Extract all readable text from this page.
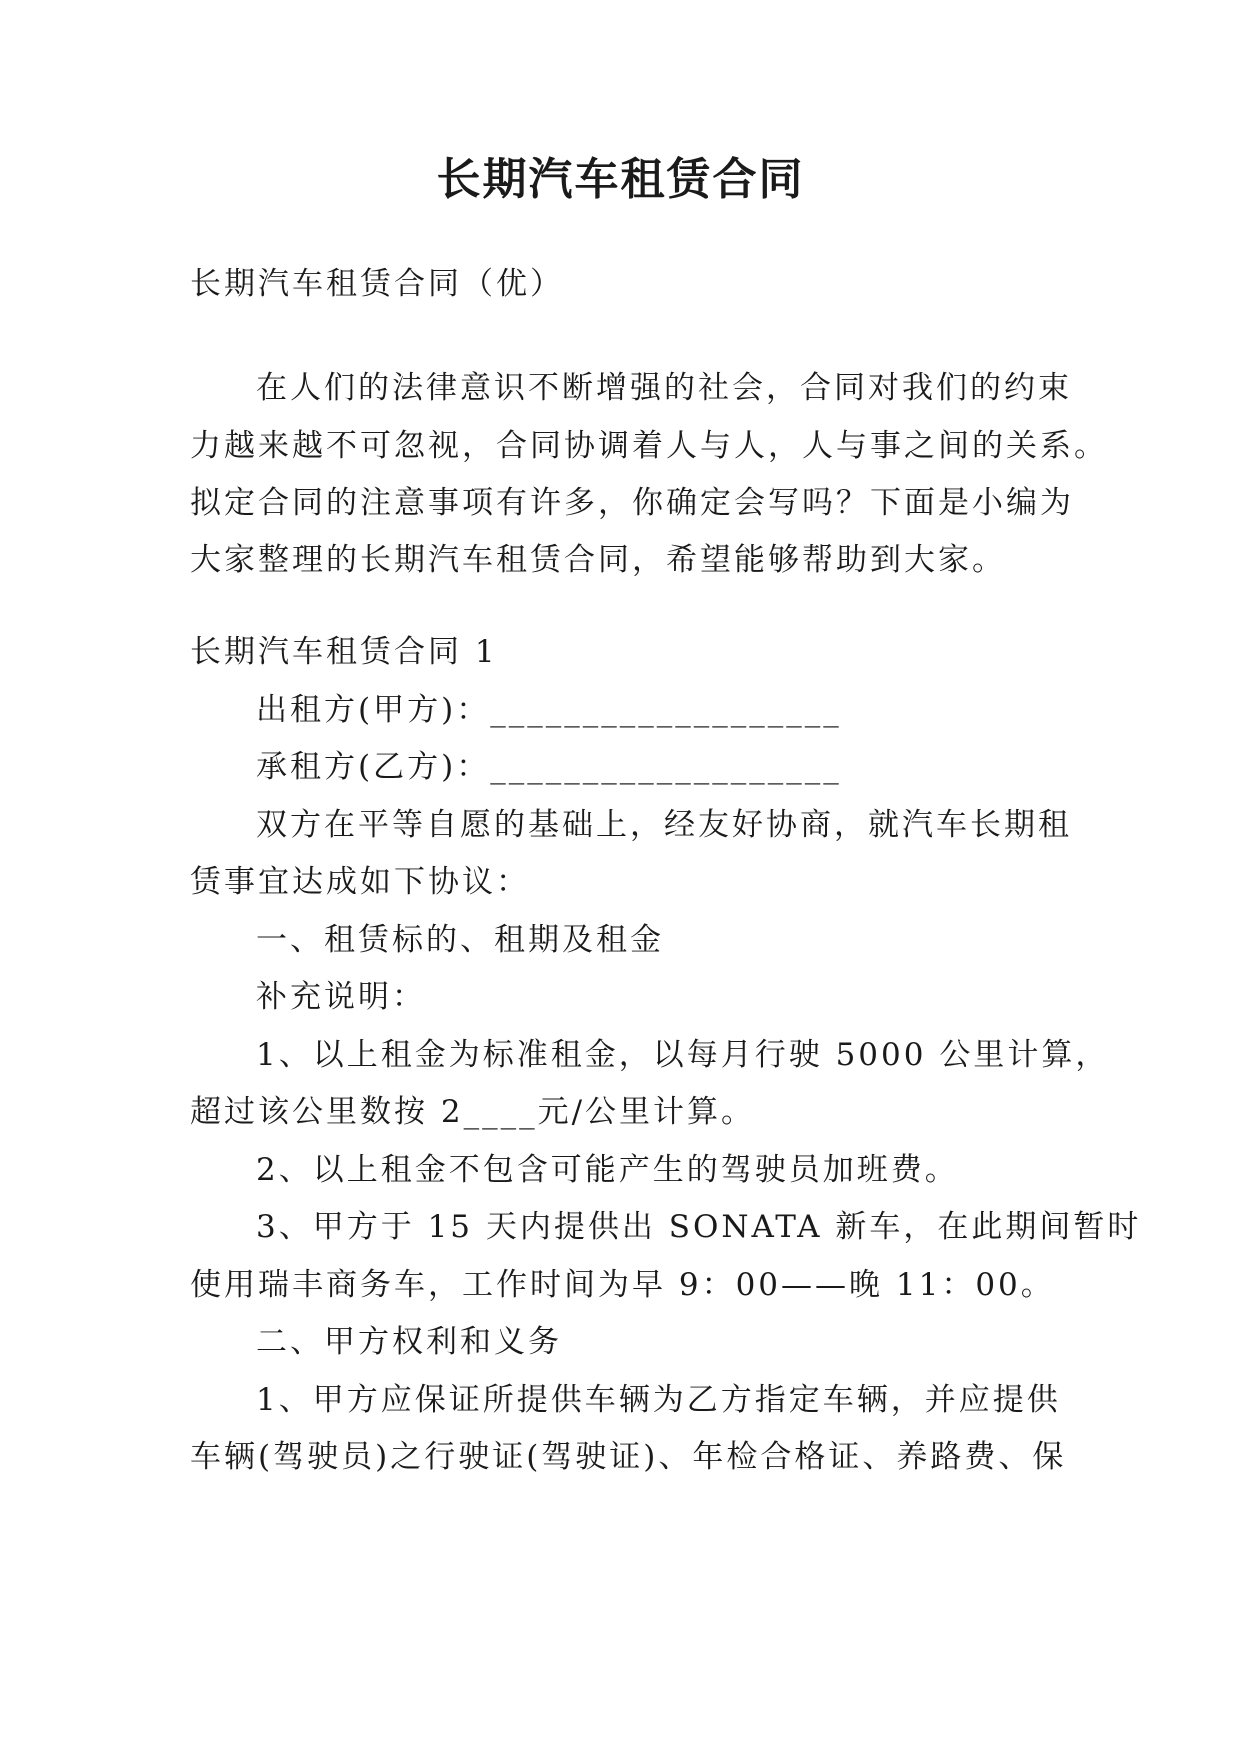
长期汽车租赁合同
长期汽车租赁合同（优）
在人们的法律意识不断增强的社会，合同对我们的约束
力越来越不可忽视，合同协调着人与人，人与事之间的关系。
拟定合同的注意事项有许多，你确定会写吗？下面是小编为
大家整理的长期汽车租赁合同，希望能够帮助到大家。
长期汽车租赁合同 1
出租方(甲方)：___________________
承租方(乙方)：___________________
双方在平等自愿的基础上，经友好协商，就汽车长期租
赁事宜达成如下协议：
一、租赁标的、租期及租金
补充说明：
1、以上租金为标准租金，以每月行驶 5000 公里计算，
超过该公里数按 2____元/公里计算。
2、以上租金不包含可能产生的驾驶员加班费。
3、甲方于 15 天内提供出 SONATA 新车，在此期间暂时
使用瑞丰商务车，工作时间为早 9：00——晚 11：00。
二、甲方权利和义务
1、甲方应保证所提供车辆为乙方指定车辆，并应提供
车辆(驾驶员)之行驶证(驾驶证)、年检合格证、养路费、保
